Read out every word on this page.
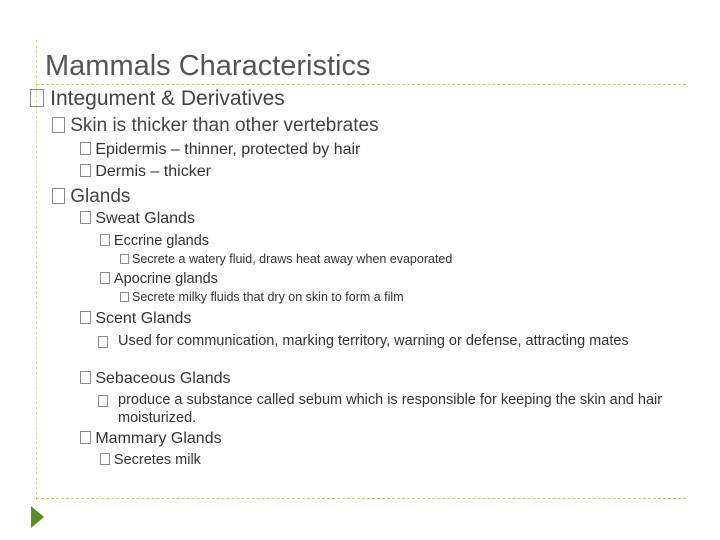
Mammals Characteristics
Integument & Derivatives
Skin is thicker than other vertebrates
Epidermis – thinner, protected by hair
Dermis – thicker
Glands
Sweat Glands
Eccrine glands
Secrete a watery fluid, draws heat away when evaporated
Apocrine glands
Secrete milky fluids that dry on skin to form a film
Scent Glands
Used for communication, marking territory, warning or defense, attracting mates
Sebaceous Glands
produce a substance called sebum which is responsible for keeping the skin and hair moisturized.
Mammary Glands
Secretes milk
